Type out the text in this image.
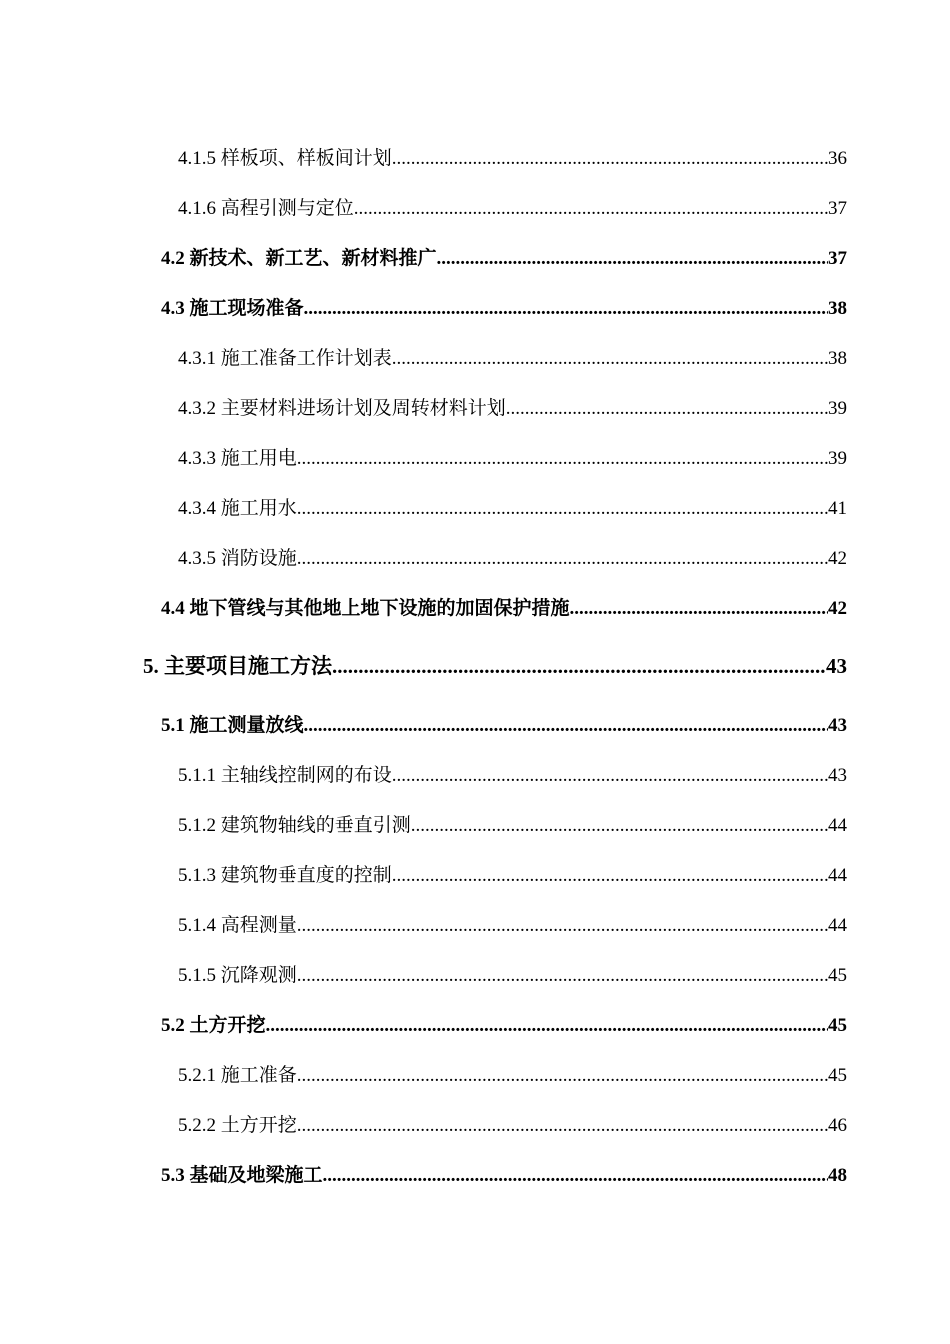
4.1.5 样板项、样板间计划 .....	36
4.1.6 高程引测与定位 .....	37
4.2 新技术、新工艺、新材料推广 .....	37
4.3 施工现场准备 .....	38
4.3.1 施工准备工作计划表 .....	38
4.3.2 主要材料进场计划及周转材料计划 .....	39
4.3.3 施工用电 .....	39
4.3.4 施工用水 .....	41
4.3.5 消防设施 .....	42
4.4 地下管线与其他地上地下设施的加固保护措施 .....	42
5. 主要项目施工方法 .....	43
5.1 施工测量放线 .....	43
5.1.1 主轴线控制网的布设 .....	43
5.1.2 建筑物轴线的垂直引测 .....	44
5.1.3 建筑物垂直度的控制 .....	44
5.1.4 高程测量 .....	44
5.1.5 沉降观测 .....	45
5.2 土方开挖 .....	45
5.2.1 施工准备 .....	45
5.2.2 土方开挖 .....	46
5.3 基础及地梁施工 .....	48
